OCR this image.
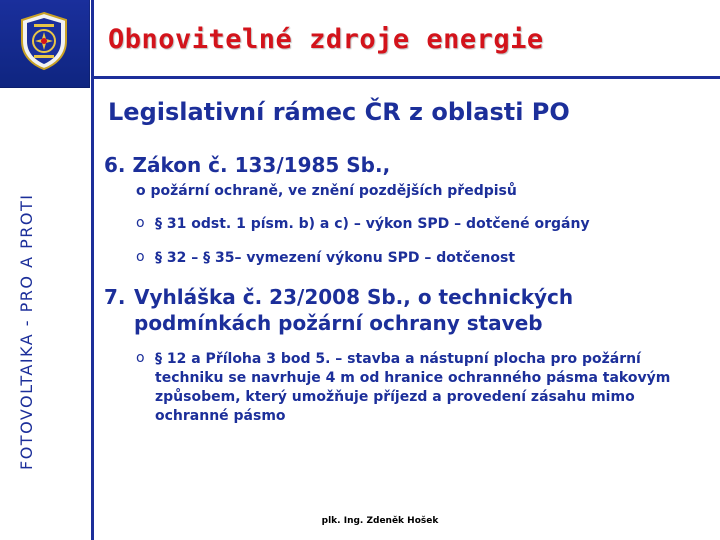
FOTOVOLTAIKA - PRO A PROTI
Obnovitelné zdroje energie
Legislativní rámec ČR z oblasti PO
6. Zákon č. 133/1985 Sb.,
o požární ochraně, ve znění pozdějších předpisů
o § 31 odst. 1 písm. b) a c) – výkon SPD – dotčené orgány
o § 32 – § 35– vymezení výkonu SPD – dotčenost
7. Vyhláška č. 23/2008 Sb., o technických podmínkách požární ochrany staveb
o § 12 a Příloha 3 bod 5. – stavba a nástupní plocha pro požární techniku se navrhuje 4 m od hranice ochranného pásma takovým způsobem, který umožňuje příjezd a provedení zásahu mimo ochranné pásmo
plk. Ing. Zdeněk Hošek
